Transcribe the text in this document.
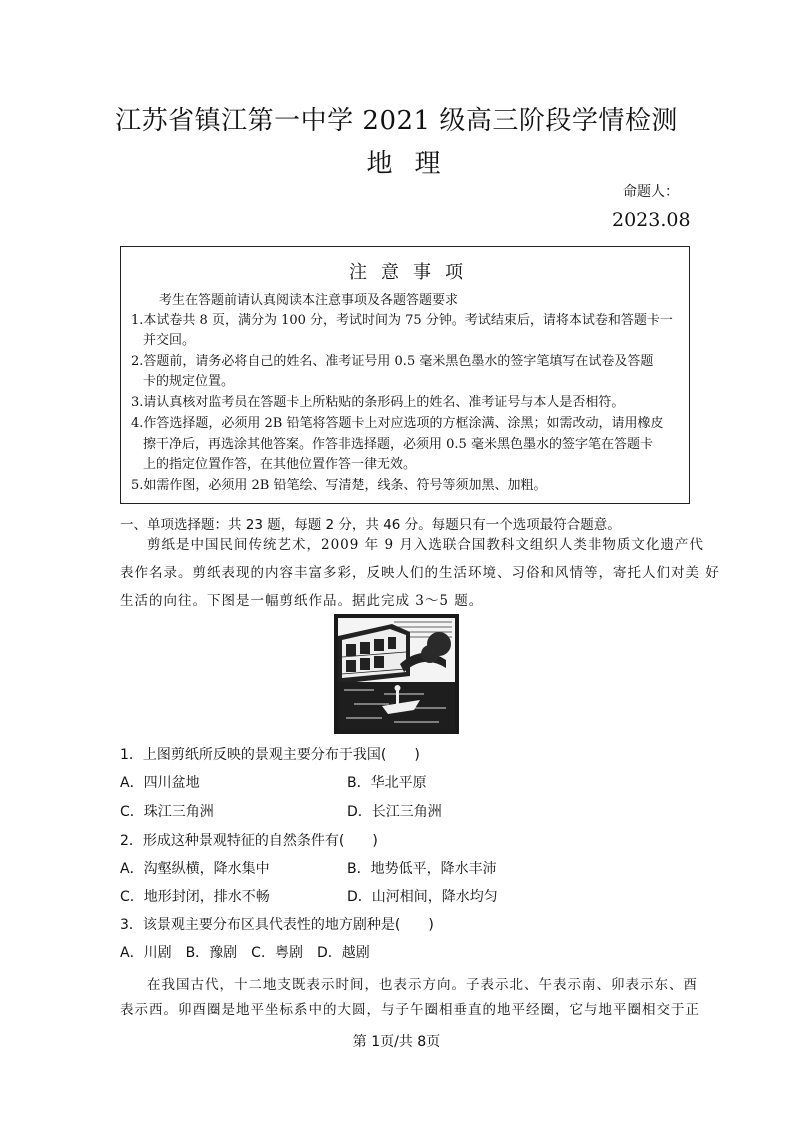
江苏省镇江第一中学 2021 级高三阶段学情检测
地理
命题人：
2023.08
注意事项
考生在答题前请认真阅读本注意事项及各题答题要求
1.本试卷共 8 页，满分为 100 分，考试时间为 75 分钟。考试结束后，请将本试卷和答题卡一
并交回。
2.答题前，请务必将自己的姓名、准考证号用 0.5 毫米黑色墨水的签字笔填写在试卷及答题
卡的规定位置。
3.请认真核对监考员在答题卡上所粘贴的条形码上的姓名、准考证号与本人是否相符。
4.作答选择题，必须用 2B 铅笔将答题卡上对应选项的方框涂满、涂黑；如需改动，请用橡皮
擦干净后，再选涂其他答案。作答非选择题，必须用 0.5 毫米黑色墨水的签字笔在答题卡
上的指定位置作答，在其他位置作答一律无效。
5.如需作图，必须用 2B 铅笔绘、写清楚，线条、符号等须加黑、加粗。
一、单项选择题：共 23 题，每题 2 分，共 46 分。每题只有一个选项最符合题意。
剪纸是中国民间传统艺术，2009 年 9 月入选联合国教科文组织人类非物质文化遗产代
表作名录。剪纸表现的内容丰富多彩，反映人们的生活环境、习俗和风情等，寄托人们对美 好
生活的向往。下图是一幅剪纸作品。据此完成 3～5 题。
1．上图剪纸所反映的景观主要分布于我国(　　)
A．四川盆地	B．华北平原
C．珠江三角洲	D．长江三角洲
2．形成这种景观特征的自然条件有(　　)
A．沟壑纵横，降水集中	B．地势低平，降水丰沛
C．地形封闭，排水不畅	D．山河相间，降水均匀
3．该景观主要分布区具代表性的地方剧种是(　　)
A．川剧　B．豫剧　C．粤剧　D．越剧
在我国古代，十二地支既表示时间，也表示方向。子表示北、午表示南、卯表示东、酉
表示西。卯酉圈是地平坐标系中的大圆，与子午圈相垂直的地平经圈，它与地平圈相交于正
第 1页/共 8页
